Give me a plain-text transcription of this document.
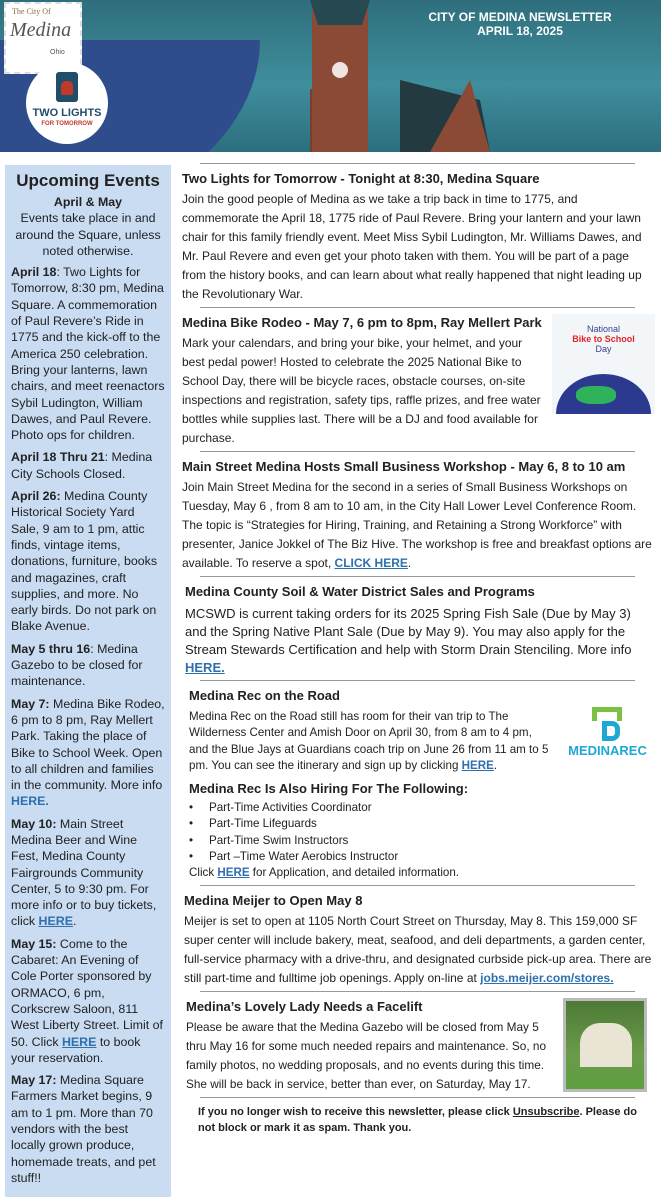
The City Of
Medina
Ohio
TWO LIGHTS
FOR TOMORROW
CITY OF MEDINA NEWSLETTER
APRIL 18, 2025
Upcoming Events
April & May
Events take place in and around the Square, unless noted otherwise.

April 18: Two Lights for Tomorrow, 8:30 pm, Medina Square. A commemoration of Paul Revere’s Ride in 1775 and the kick-off to the America 250 celebration. Bring your lanterns, lawn chairs, and meet reenactors Sybil Ludington, William Dawes, and Paul Revere. Photo ops for children.

April 18 Thru 21: Medina City Schools Closed.

April 26: Medina County Historical Society Yard Sale, 9 am to 1 pm, attic finds, vintage items, donations, furniture, books and magazines, craft supplies, and more. No early birds. Do not park on Blake Avenue.

May 5 thru 16: Medina Gazebo to be closed for maintenance.

May 7: Medina Bike Rodeo, 6 pm to 8 pm, Ray Mellert Park. Taking the place of Bike to School Week. Open to all children and families in the community. More info HERE.

May 10: Main Street Medina Beer and Wine Fest, Medina County Fairgrounds Community Center, 5 to 9:30 pm. For more info or to buy tickets, click HERE.

May 15: Come to the Cabaret: An Evening of Cole Porter sponsored by ORMACO, 6 pm, Corkscrew Saloon, 811 West Liberty Street. Limit of 50. Click HERE to book your reservation.

May 17: Medina Square Farmers Market begins, 9 am to 1 pm. More than 70 vendors with the best locally grown produce, homemade treats, and pet stuff!!

Two Lights for Tomorrow - Tonight at 8:30, Medina Square

Join the good people of Medina as we take a trip back in time to 1775, and commemorate the April 18, 1775 ride of Paul Revere. Bring your lantern and your lawn chair for this family friendly event. Meet Miss Sybil Ludington, Mr. Williams Dawes, and Mr. Paul Revere and even get your photo taken with them. You will be part of a page from the history books, and can learn about what really happened that night leading up the Revolutionary War.

National
Bike to School
Day
Medina Bike Rodeo - May 7, 6 pm to 8pm, Ray Mellert Park

Mark your calendars, and bring your bike, your helmet, and your best pedal power! Hosted to celebrate the 2025 National Bike to School Day, there will be bicycle races, obstacle courses, on-site inspections and registration, safety tips, raffle prizes, and free water bottles while supplies last. There will be a DJ and food available for purchase.

Main Street Medina Hosts Small Business Workshop - May 6, 8 to 10 am

Join Main Street Medina for the second in a series of Small Business Workshops on Tuesday, May 6 , from 8 am to 10 am, in the City Hall Lower Level Conference Room. The topic is “Strategies for Hiring, Training, and Retaining a Strong Workforce” with presenter, Janice Jokkel of The Biz Hive. The workshop is free and breakfast options are available. To reserve a spot, CLICK HERE.

Medina County Soil & Water District Sales and Programs

MCSWD is current taking orders for its 2025 Spring Fish Sale (Due by May 3) and the Spring Native Plant Sale (Due by May 9). You may also apply for the Stream Stewards Certification and help with Storm Drain Stenciling. More info HERE.

MEDINAREC
Medina Rec on the Road

Medina Rec on the Road still has room for their van trip to The Wilderness Center and Amish Door on April 30, from 8 am to 4 pm, and the Blue Jays at Guardians coach trip on June 26 from 11 am to 5 pm. You can see the itinerary and sign up by clicking HERE.

Medina Rec Is Also Hiring For The Following:
• Part-Time Activities Coordinator
• Part-Time Lifeguards
• Part-Time Swim Instructors
• Part –Time Water Aerobics Instructor

Click HERE for Application, and detailed information.

Medina Meijer to Open May 8

Meijer is set to open at 1105 North Court Street on Thursday, May 8. This 159,000 SF super center will include bakery, meat, seafood, and deli departments, a garden center, full-service pharmacy with a drive-thru, and designated curbside pick-up area. There are still part-time and fulltime job openings. Apply on-line at jobs.meijer.com/stores.

Medina’s Lovely Lady Needs a Facelift

Please be aware that the Medina Gazebo will be closed from May 5 thru May 16 for some much needed repairs and maintenance. So, no family photos, no wedding proposals, and no events during this time. She will be back in service, better than ever, on Saturday, May 17.

If you no longer wish to receive this newsletter, please click Unsubscribe. Please do not block or mark it as spam. Thank you.
